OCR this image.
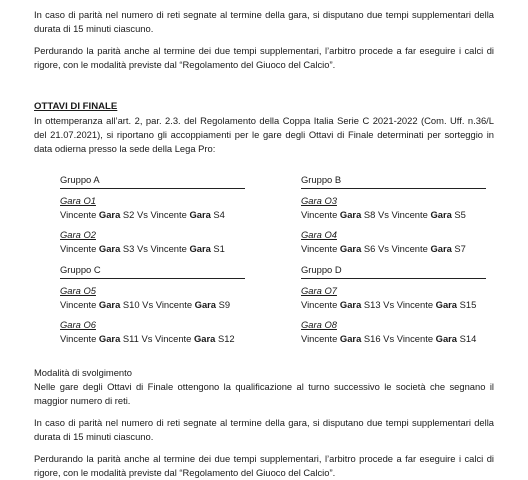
In caso di parità nel numero di reti segnate al termine della gara, si disputano due tempi supplementari della durata di 15 minuti ciascuno.

Perdurando la parità anche al termine dei due tempi supplementari, l’arbitro procede a far eseguire i calci di rigore, con le modalità previste dal “Regolamento del Giuoco del Calcio”.

OTTAVI DI FINALE

In ottemperanza all’art. 2, par. 2.3. del Regolamento della Coppa Italia Serie C 2021-2022 (Com. Uff. n.36/L del 21.07.2021), si riportano gli accoppiamenti per le gare degli Ottavi di Finale determinati per sorteggio in data odierna presso la sede della Lega Pro:

Gruppo A
Gara O1
Vincente Gara S2 Vs Vincente Gara S4
Gara O2
Vincente Gara S3 Vs Vincente Gara S1
Gruppo B
Gara O3
Vincente Gara S8 Vs Vincente Gara S5
Gara O4
Vincente Gara S6 Vs Vincente Gara S7
Gruppo C
Gara O5
Vincente Gara S10 Vs Vincente Gara S9
Gara O6
Vincente Gara S11 Vs Vincente Gara S12
Gruppo D
Gara O7
Vincente Gara S13 Vs Vincente Gara S15
Gara O8
Vincente Gara S16 Vs Vincente Gara S14
Modalità di svolgimento

Nelle gare degli Ottavi di Finale ottengono la qualificazione al turno successivo le società che segnano il maggior numero di reti.

In caso di parità nel numero di reti segnate al termine della gara, si disputano due tempi supplementari della durata di 15 minuti ciascuno.

Perdurando la parità anche al termine dei due tempi supplementari, l’arbitro procede a far eseguire i calci di rigore, con le modalità previste dal “Regolamento del Giuoco del Calcio”.
